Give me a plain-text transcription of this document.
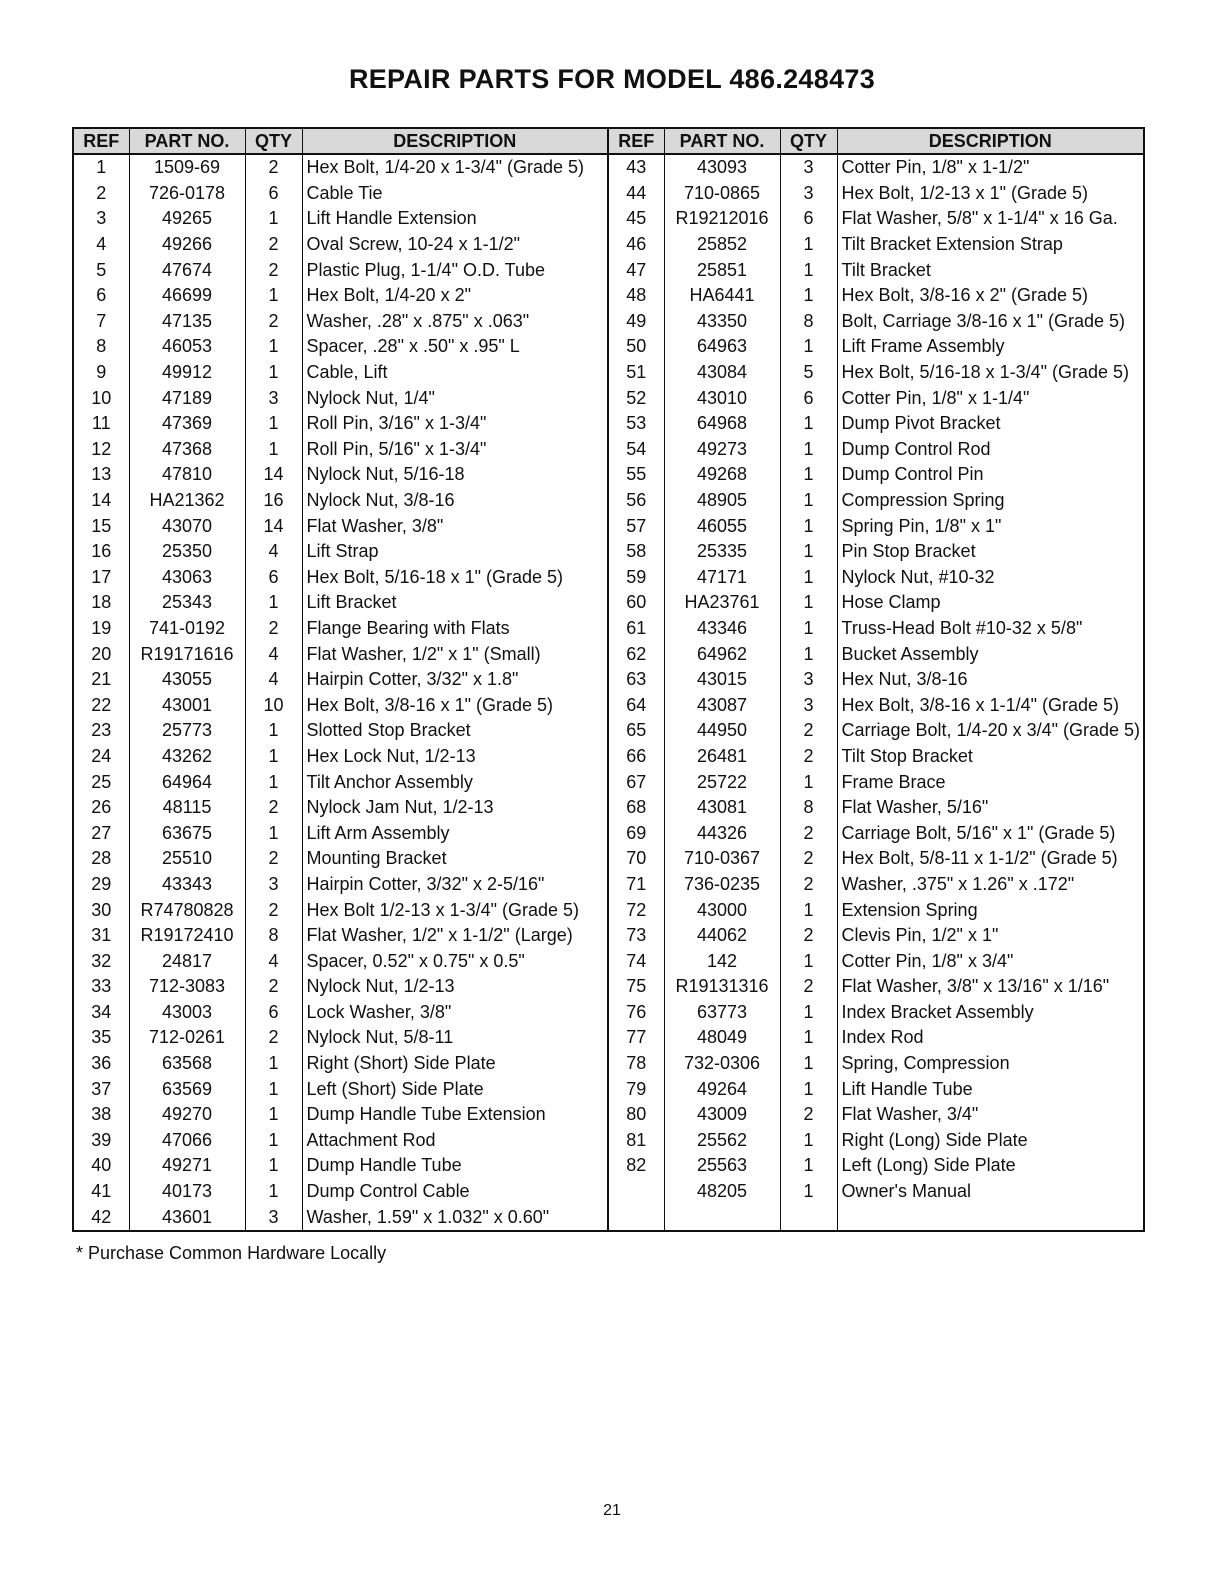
REPAIR PARTS FOR MODEL 486.248473
REF	PART NO.	QTY	DESCRIPTION	REF	PART NO.	QTY	DESCRIPTION
1	1509-69	2	Hex Bolt, 1/4-20 x 1-3/4" (Grade 5)	43	43093	3	Cotter Pin, 1/8" x 1-1/2"
2	726-0178	6	Cable Tie	44	710-0865	3	Hex Bolt, 1/2-13 x 1" (Grade 5)
3	49265	1	Lift Handle Extension	45	R19212016	6	Flat Washer, 5/8" x 1-1/4" x 16 Ga.
4	49266	2	Oval Screw, 10-24 x 1-1/2"	46	25852	1	Tilt Bracket Extension Strap
5	47674	2	Plastic Plug, 1-1/4" O.D. Tube	47	25851	1	Tilt Bracket
6	46699	1	Hex Bolt, 1/4-20 x 2"	48	HA6441	1	Hex Bolt, 3/8-16 x 2" (Grade 5)
7	47135	2	Washer, .28" x .875" x .063"	49	43350	8	Bolt, Carriage 3/8-16 x 1" (Grade 5)
8	46053	1	Spacer, .28" x .50" x .95" L	50	64963	1	Lift Frame Assembly
9	49912	1	Cable, Lift	51	43084	5	Hex Bolt, 5/16-18 x 1-3/4" (Grade 5)
10	47189	3	Nylock Nut, 1/4"	52	43010	6	Cotter Pin, 1/8" x 1-1/4"
11	47369	1	Roll Pin, 3/16" x 1-3/4"	53	64968	1	Dump Pivot Bracket
12	47368	1	Roll Pin, 5/16" x 1-3/4"	54	49273	1	Dump Control Rod
13	47810	14	Nylock Nut, 5/16-18	55	49268	1	Dump Control Pin
14	HA21362	16	Nylock Nut, 3/8-16	56	48905	1	Compression Spring
15	43070	14	Flat Washer, 3/8"	57	46055	1	Spring Pin, 1/8" x 1"
16	25350	4	Lift Strap	58	25335	1	Pin Stop Bracket
17	43063	6	Hex Bolt, 5/16-18 x 1" (Grade 5)	59	47171	1	Nylock Nut, #10-32
18	25343	1	Lift Bracket	60	HA23761	1	Hose Clamp
19	741-0192	2	Flange Bearing with Flats	61	43346	1	Truss-Head Bolt #10-32 x 5/8"
20	R19171616	4	Flat Washer, 1/2" x 1" (Small)	62	64962	1	Bucket Assembly
21	43055	4	Hairpin Cotter, 3/32" x 1.8"	63	43015	3	Hex Nut, 3/8-16
22	43001	10	Hex Bolt, 3/8-16 x 1" (Grade 5)	64	43087	3	Hex Bolt, 3/8-16 x 1-1/4" (Grade 5)
23	25773	1	Slotted Stop Bracket	65	44950	2	Carriage Bolt, 1/4-20 x 3/4" (Grade 5)
24	43262	1	Hex Lock Nut, 1/2-13	66	26481	2	Tilt Stop Bracket
25	64964	1	Tilt Anchor Assembly	67	25722	1	Frame Brace
26	48115	2	Nylock Jam Nut, 1/2-13	68	43081	8	Flat Washer, 5/16"
27	63675	1	Lift Arm Assembly	69	44326	2	Carriage Bolt, 5/16" x 1" (Grade 5)
28	25510	2	Mounting Bracket	70	710-0367	2	Hex Bolt, 5/8-11 x 1-1/2" (Grade 5)
29	43343	3	Hairpin Cotter, 3/32" x 2-5/16"	71	736-0235	2	Washer, .375" x 1.26" x .172"
30	R74780828	2	Hex Bolt 1/2-13 x 1-3/4" (Grade 5)	72	43000	1	Extension Spring
31	R19172410	8	Flat Washer, 1/2" x 1-1/2" (Large)	73	44062	2	Clevis Pin, 1/2" x 1"
32	24817	4	Spacer, 0.52" x 0.75" x 0.5"	74	142	1	Cotter Pin, 1/8" x 3/4"
33	712-3083	2	Nylock Nut, 1/2-13	75	R19131316	2	Flat Washer, 3/8" x 13/16" x 1/16"
34	43003	6	Lock Washer, 3/8"	76	63773	1	Index Bracket Assembly
35	712-0261	2	Nylock Nut, 5/8-11	77	48049	1	Index Rod
36	63568	1	Right (Short) Side Plate	78	732-0306	1	Spring, Compression
37	63569	1	Left (Short) Side Plate	79	49264	1	Lift Handle Tube
38	49270	1	Dump Handle Tube Extension	80	43009	2	Flat Washer, 3/4"
39	47066	1	Attachment Rod	81	25562	1	Right (Long) Side Plate
40	49271	1	Dump Handle Tube	82	25563	1	Left (Long) Side Plate
41	40173	1	Dump Control Cable		48205	1	Owner's Manual
42	43601	3	Washer, 1.59" x 1.032" x 0.60"				
* Purchase Common Hardware Locally
21
